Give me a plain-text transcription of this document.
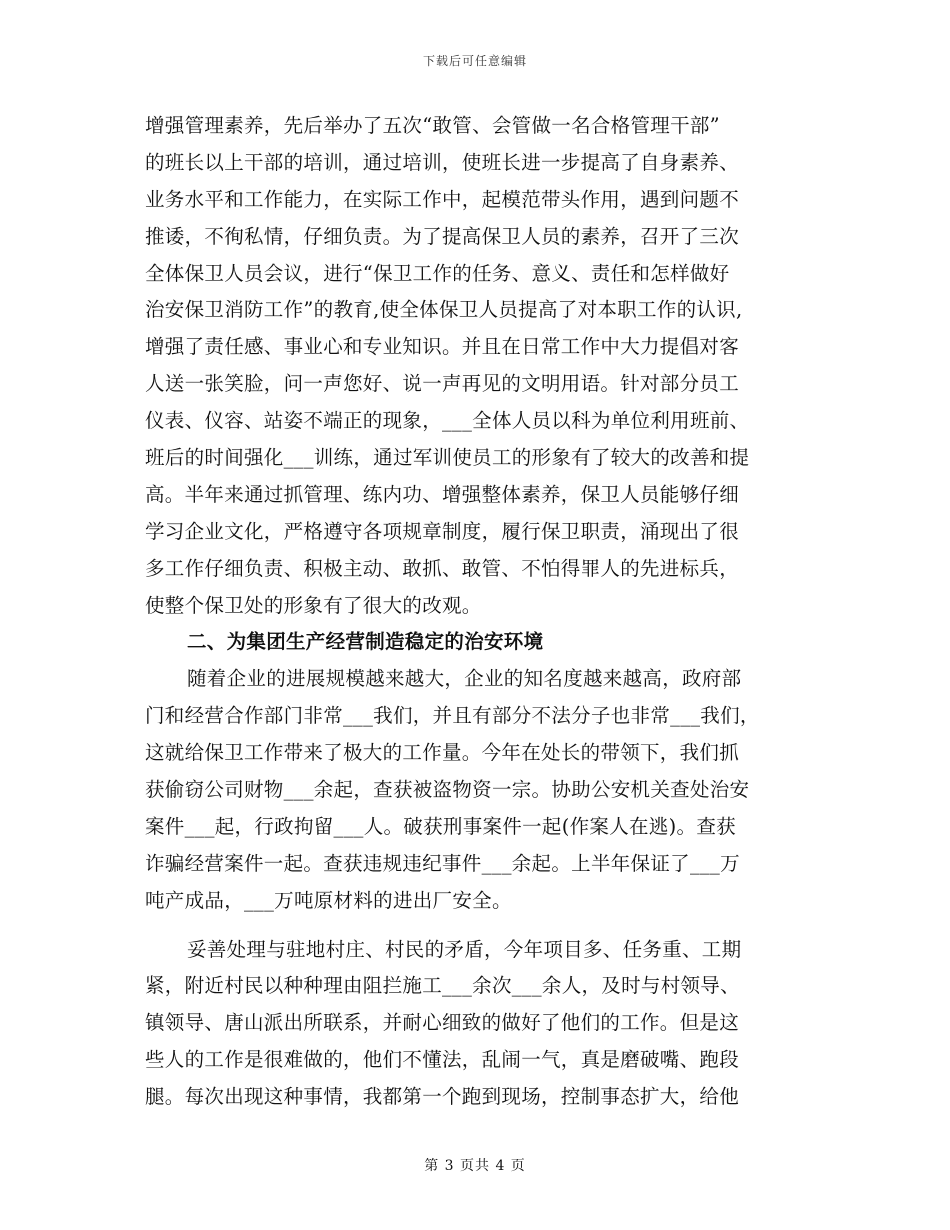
下载后可任意编辑
增强管理素养，先后举办了五次“敢管、会管做一名合格管理干部”
的班长以上干部的培训，通过培训，使班长进一步提高了自身素养、
业务水平和工作能力，在实际工作中，起模范带头作用，遇到问题不
推诿，不徇私情，仔细负责。为了提高保卫人员的素养，召开了三次
全体保卫人员会议，进行“保卫工作的任务、意义、责任和怎样做好
治安保卫消防工作”的教育,使全体保卫人员提高了对本职工作的认识,
增强了责任感、事业心和专业知识。并且在日常工作中大力提倡对客
人送一张笑脸，问一声您好、说一声再见的文明用语。针对部分员工
仪表、仪容、站姿不端正的现象，___全体人员以科为单位利用班前、
班后的时间强化___训练，通过军训使员工的形象有了较大的改善和提
高。半年来通过抓管理、练内功、增强整体素养，保卫人员能够仔细
学习企业文化，严格遵守各项规章制度，履行保卫职责，涌现出了很
多工作仔细负责、积极主动、敢抓、敢管、不怕得罪人的先进标兵，
使整个保卫处的形象有了很大的改观。
二、为集团生产经营制造稳定的治安环境
随着企业的进展规模越来越大，企业的知名度越来越高，政府部
门和经营合作部门非常___我们，并且有部分不法分子也非常___我们，
这就给保卫工作带来了极大的工作量。今年在处长的带领下，我们抓
获偷窃公司财物___余起，查获被盗物资一宗。协助公安机关查处治安
案件___起，行政拘留___人。破获刑事案件一起(作案人在逃)。查获
诈骗经营案件一起。查获违规违纪事件___余起。上半年保证了___万
吨产成品，___万吨原材料的进出厂安全。
妥善处理与驻地村庄、村民的矛盾，今年项目多、任务重、工期
紧，附近村民以种种理由阻拦施工___余次___余人，及时与村领导、
镇领导、唐山派出所联系，并耐心细致的做好了他们的工作。但是这
些人的工作是很难做的，他们不懂法，乱闹一气，真是磨破嘴、跑段
腿。每次出现这种事情，我都第一个跑到现场，控制事态扩大，给他
第 3 页共 4 页
